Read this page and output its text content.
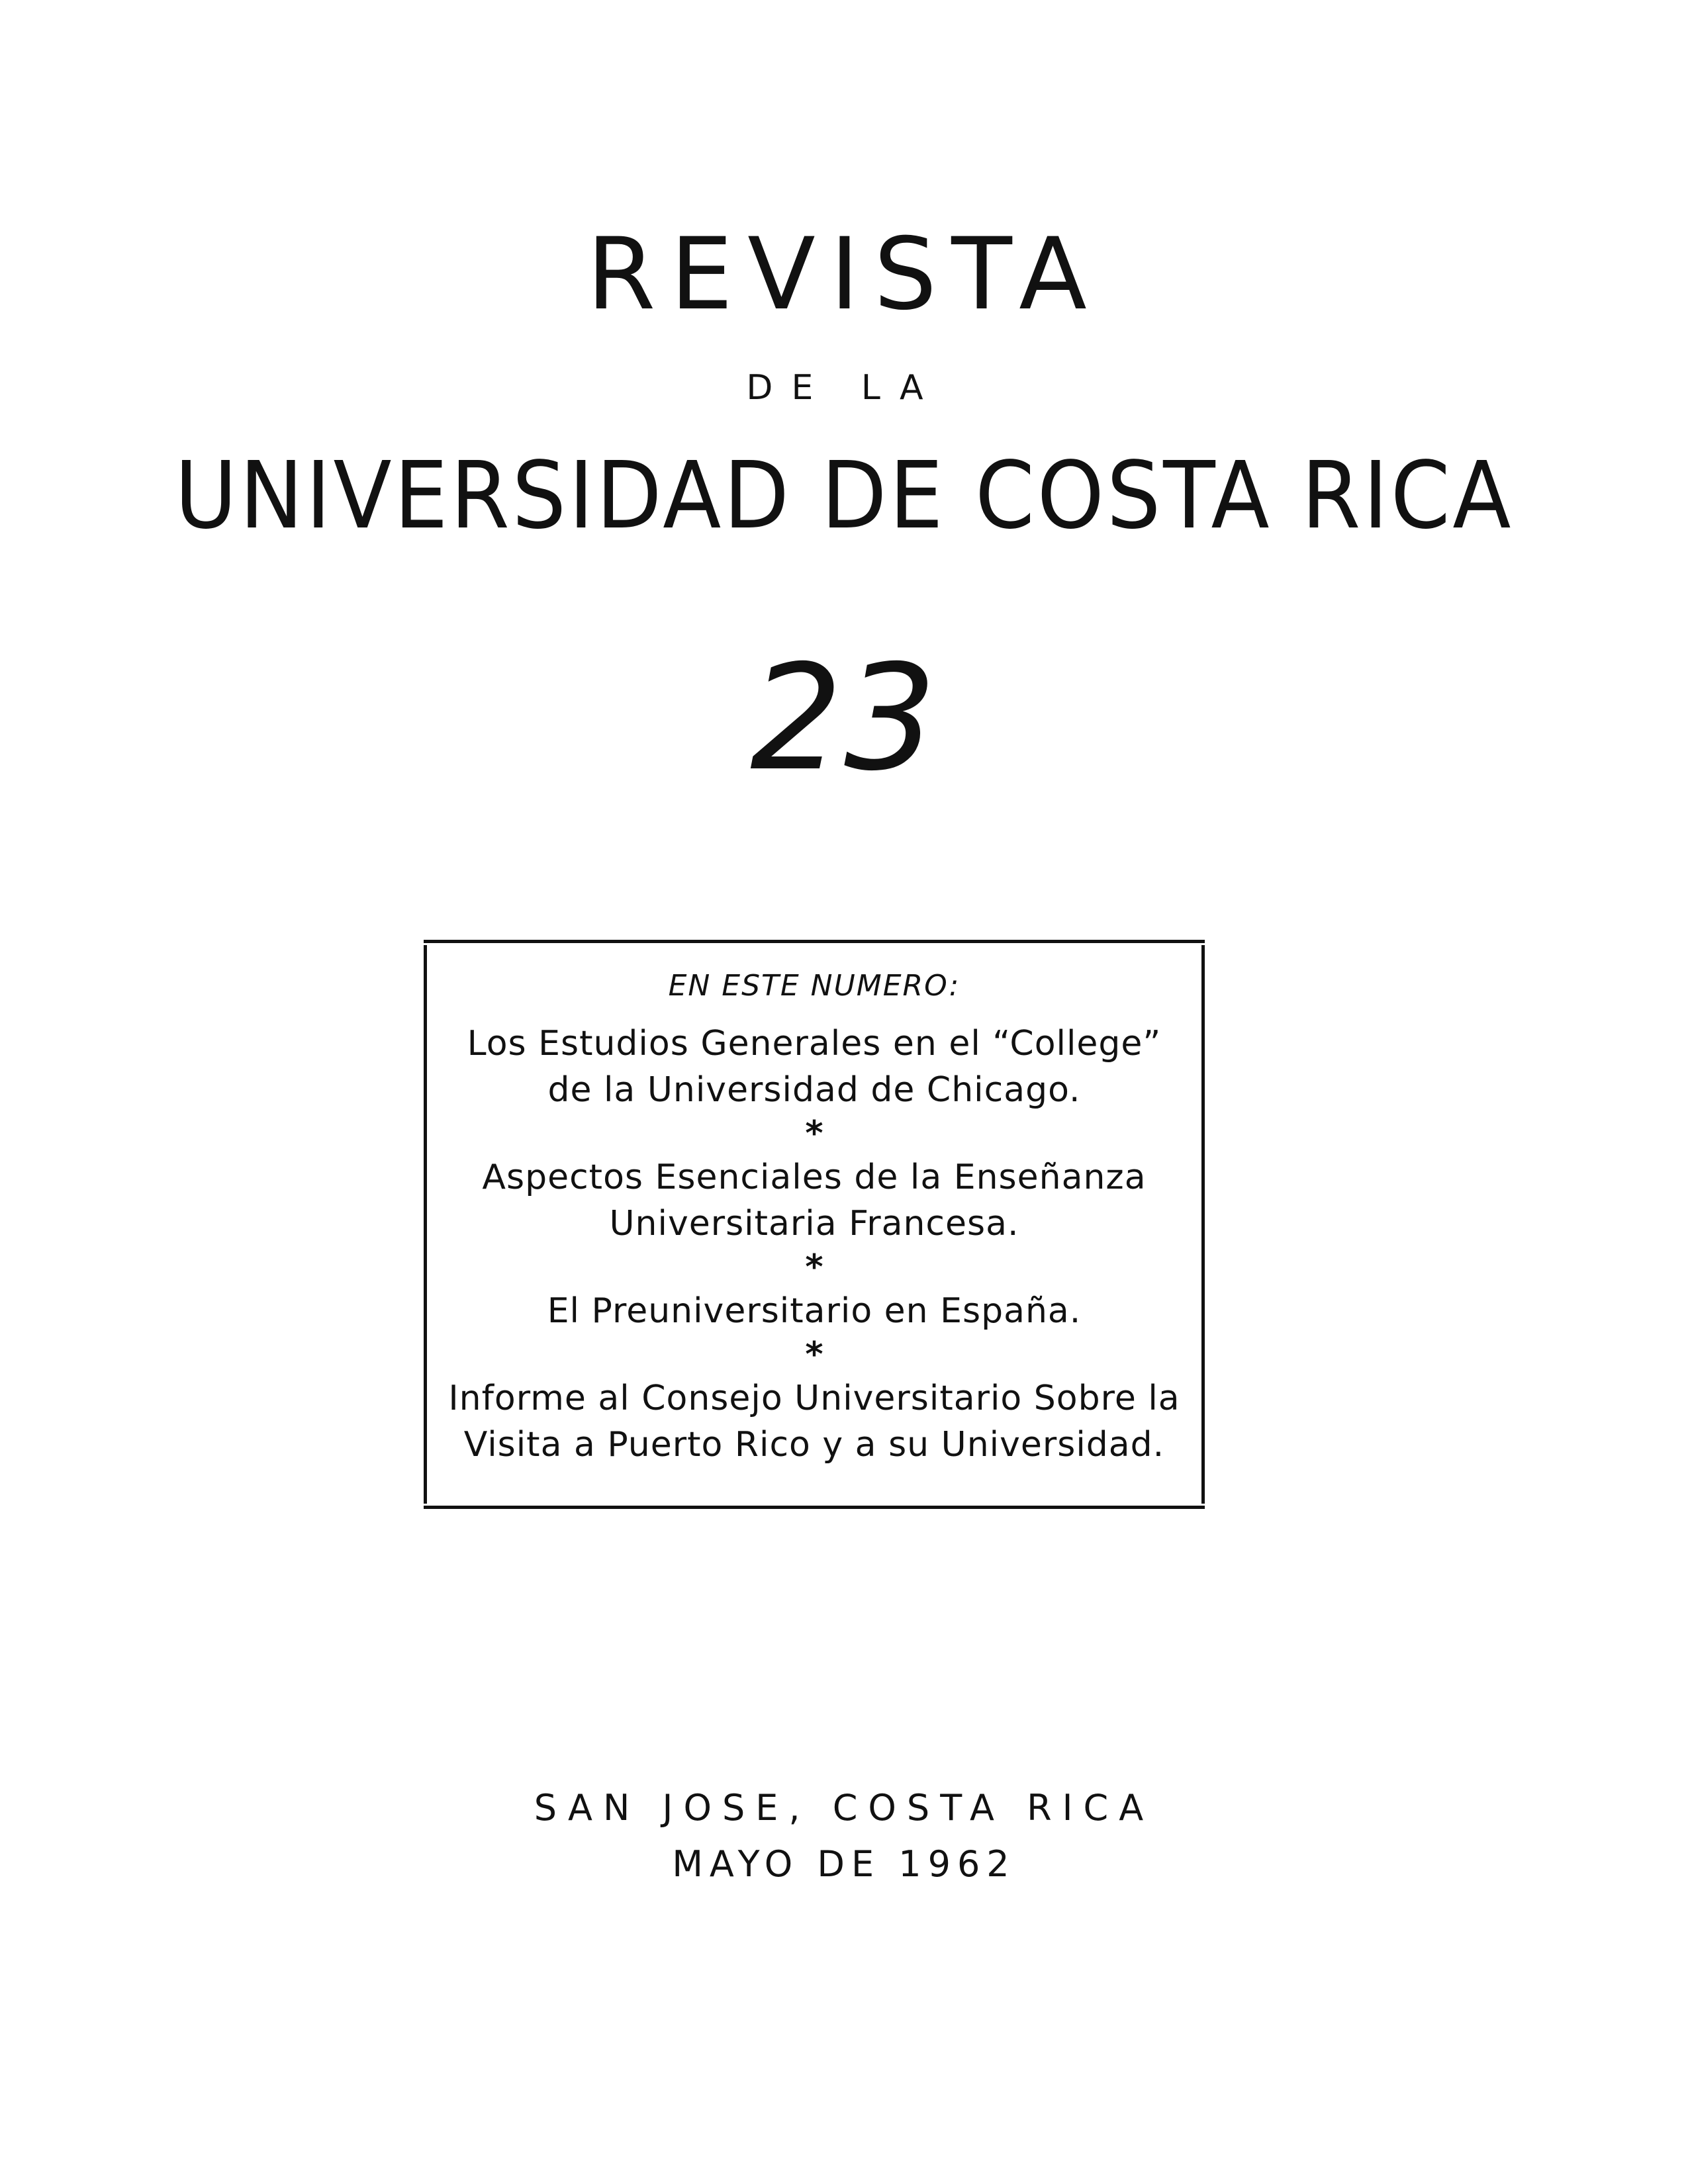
REVISTA
DE LA
UNIVERSIDAD DE COSTA RICA
23
EN ESTE NUMERO:
Los Estudios Generales en el “College”
de la Universidad de Chicago.
*
Aspectos Esenciales de la Enseñanza
Universitaria Francesa.
*
El Preuniversitario en España.
*
Informe al Consejo Universitario Sobre la
Visita a Puerto Rico y a su Universidad.
SAN JOSE, COSTA RICA
MAYO DE 1962
